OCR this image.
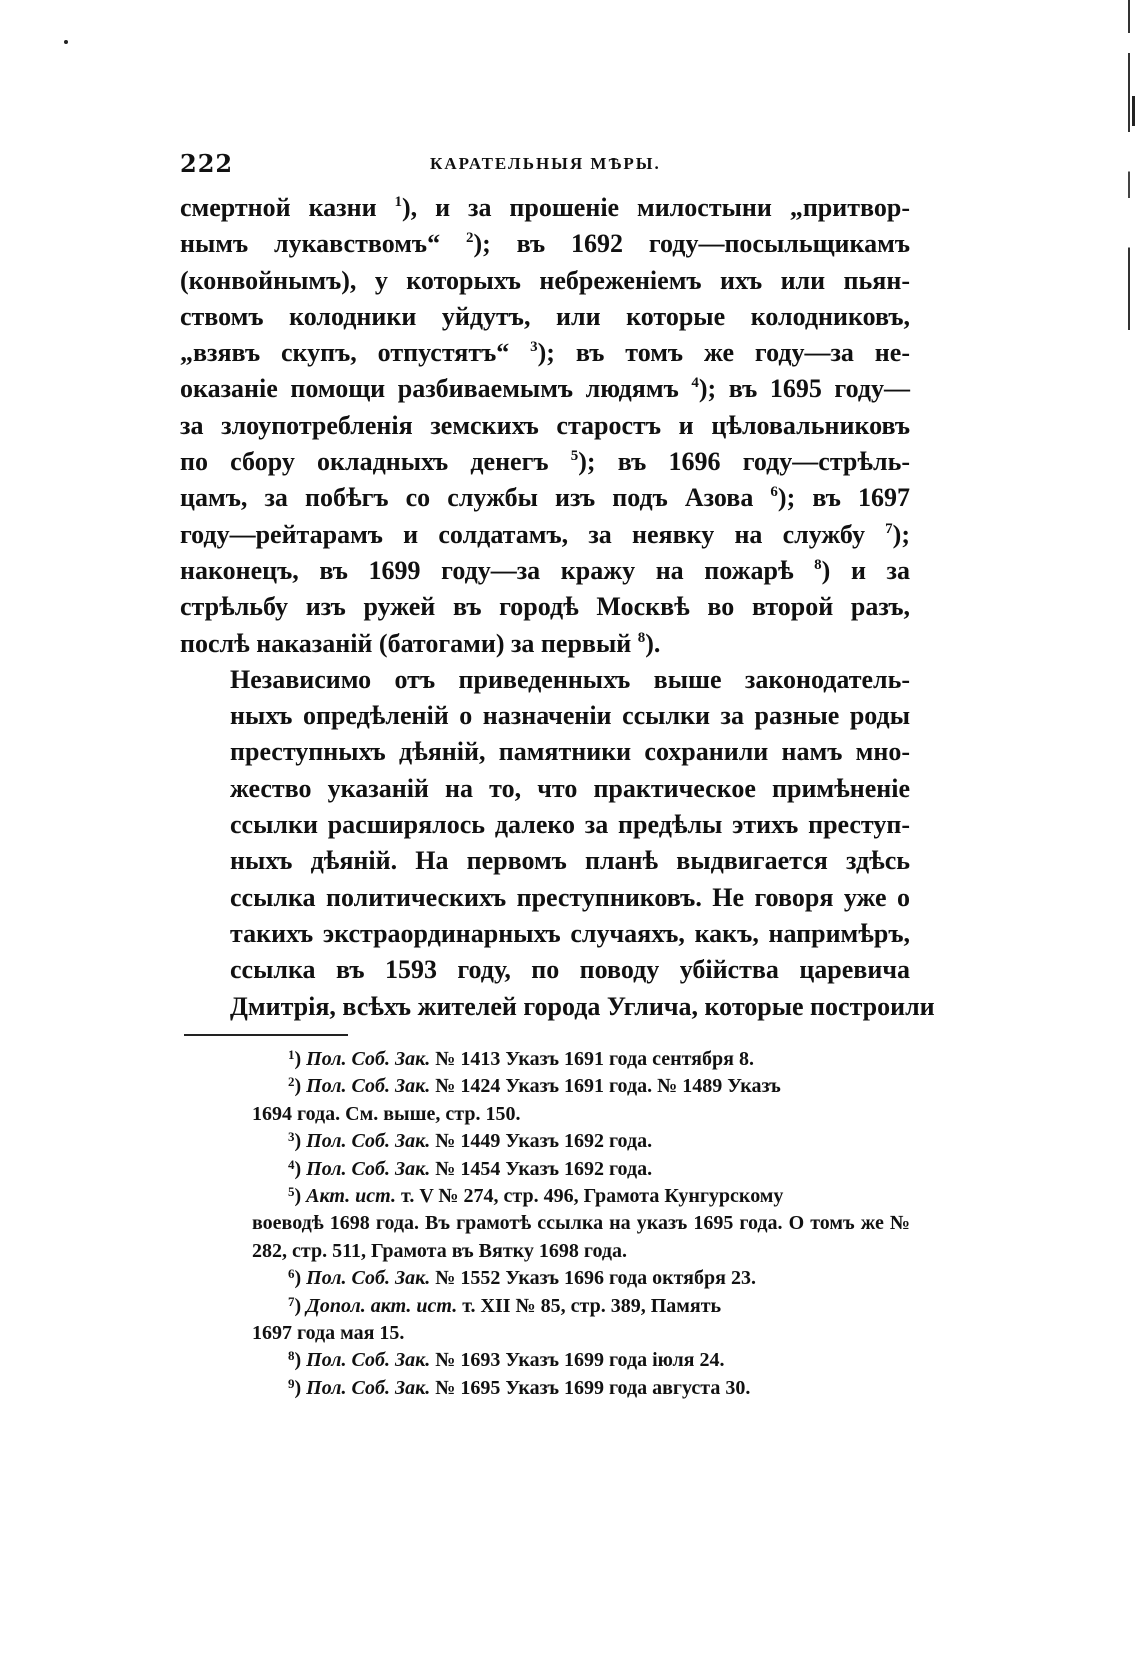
222	КАРАТЕЛЬНЫЯ МѢРЫ.

смертной казни $^1$), и за прошеніе милостыни „притвор-
нымъ лукавствомъ“ $^2$); въ 1692 году—посыльщикамъ
(конвойнымъ), у которыхъ небреженіемъ ихъ или пьян-
ствомъ колодники уйдутъ, или которые колодниковъ,
„взявъ скупъ, отпустятъ“ $^3$); въ томъ же году—за не-
оказаніе помощи разбиваемымъ людямъ $^4$); въ 1695 году—
за злоупотребленія земскихъ старостъ и цѣловальниковъ
по сбору окладныхъ денегъ $^5$); въ 1696 году—стрѣль-
цамъ, за побѣгъ со службы изъ подъ Азова $^6$); въ 1697
году—рейтарамъ и солдатамъ, за неявку на службу $^7$);
наконецъ, въ 1699 году—за кражу на пожарѣ $^8$) и за
стрѣльбу изъ ружей въ городѣ Москвѣ во второй разъ,
послѣ наказаній (батогами) за первый $^8$).

Независимо отъ приведенныхъ выше законодатель-
ныхъ опредѣленій о назначеніи ссылки за разные роды
преступныхъ дѣяній, памятники сохранили намъ мно-
жество указаній на то, что практическое примѣненіе
ссылки расширялось далеко за предѣлы этихъ преступ-
ныхъ дѣяній. На первомъ планѣ выдвигается здѣсь
ссылка политическихъ преступниковъ. Не говоря уже о
такихъ экстраординарныхъ случаяхъ, какъ, напримѣръ,
ссылка въ 1593 году, по поводу убійства царевича
Дмитрія, всѣхъ жителей города Углича, которые построили

$^1$) Пол. Соб. Зак. № 1413 Указъ 1691 года сентября 8.
$^2$) Пол. Соб. Зак. № 1424 Указъ 1691 года. № 1489 Указъ
1694 года. См. выше, стр. 150.
$^3$) Пол. Соб. Зак. № 1449 Указъ 1692 года.
$^4$) Пол. Соб. Зак. № 1454 Указъ 1692 года.
$^5$) Акт. ист. т. V № 274, стр. 496, Грамота Кунгурскому
воеводѣ 1698 года. Въ грамотѣ ссылка на указъ 1695 года. О томъ же № 282, стр. 511, Грамота въ Вятку 1698 года.
$^6$) Пол. Соб. Зак. № 1552 Указъ 1696 года октября 23.
$^7$) Допол. акт. ист. т. XII № 85, стр. 389, Память
1697 года мая 15.
$^8$) Пол. Соб. Зак. № 1693 Указъ 1699 года іюля 24.
$^9$) Пол. Соб. Зак. № 1695 Указъ 1699 года августа 30.
